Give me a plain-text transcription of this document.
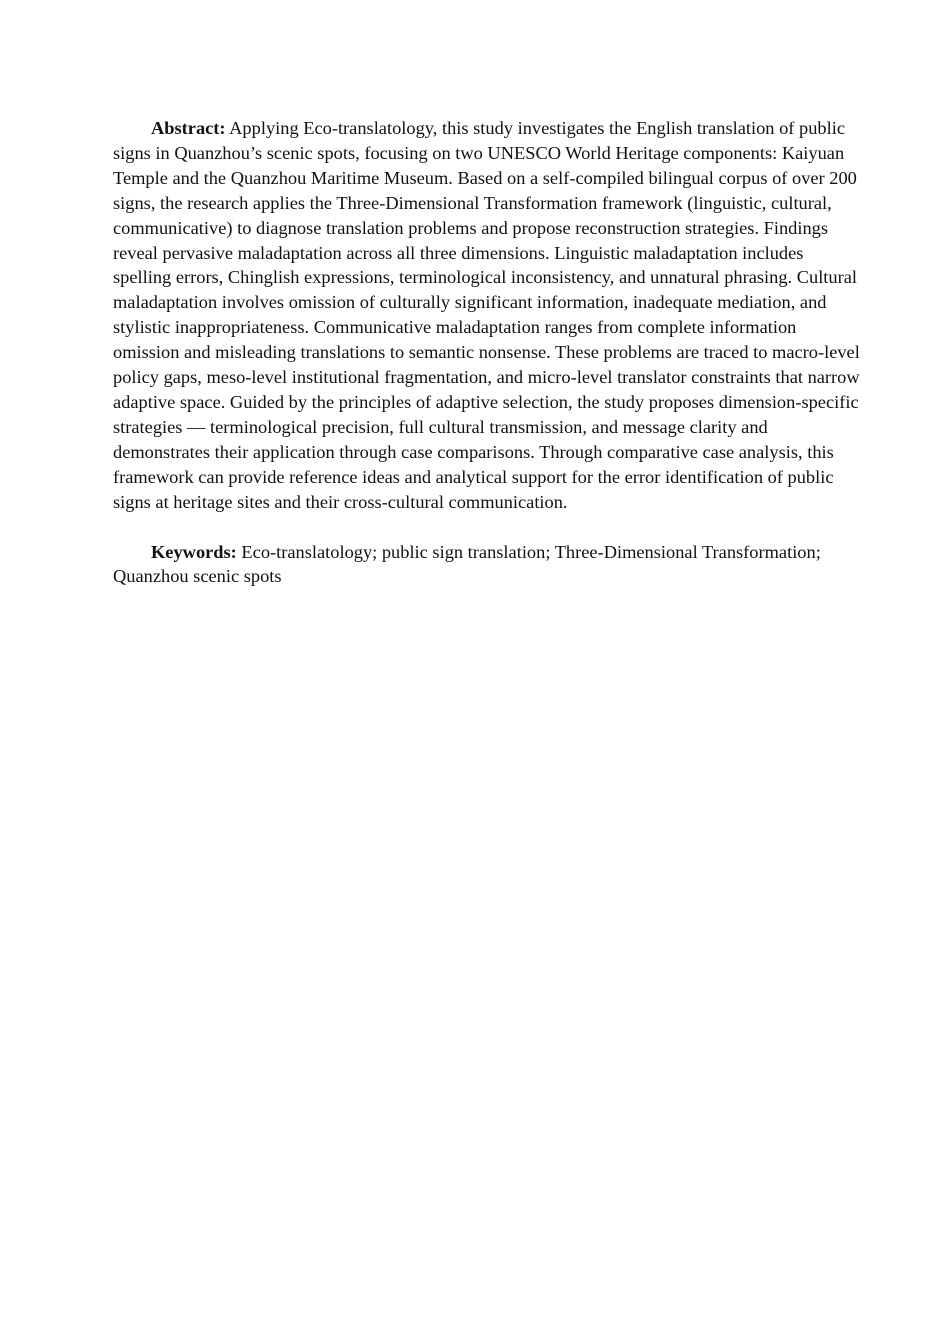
Abstract: Applying Eco-translatology, this study investigates the English translation of public signs in Quanzhou’s scenic spots, focusing on two UNESCO World Heritage components: Kaiyuan Temple and the Quanzhou Maritime Museum. Based on a self-compiled bilingual corpus of over 200 signs, the research applies the Three-Dimensional Transformation framework (linguistic, cultural, communicative) to diagnose translation problems and propose reconstruction strategies. Findings reveal pervasive maladaptation across all three dimensions. Linguistic maladaptation includes spelling errors, Chinglish expressions, terminological inconsistency, and unnatural phrasing. Cultural maladaptation involves omission of culturally significant information, inadequate mediation, and stylistic inappropriateness. Communicative maladaptation ranges from complete information omission and misleading translations to semantic nonsense. These problems are traced to macro-level policy gaps, meso-level institutional fragmentation, and micro-level translator constraints that narrow adaptive space. Guided by the principles of adaptive selection, the study proposes dimension-specific strategies — terminological precision, full cultural transmission, and message clarity and demonstrates their application through case comparisons. Through comparative case analysis, this framework can provide reference ideas and analytical support for the error identification of public signs at heritage sites and their cross-cultural communication.

Keywords: Eco-translatology; public sign translation; Three-Dimensional Transformation; Quanzhou scenic spots
